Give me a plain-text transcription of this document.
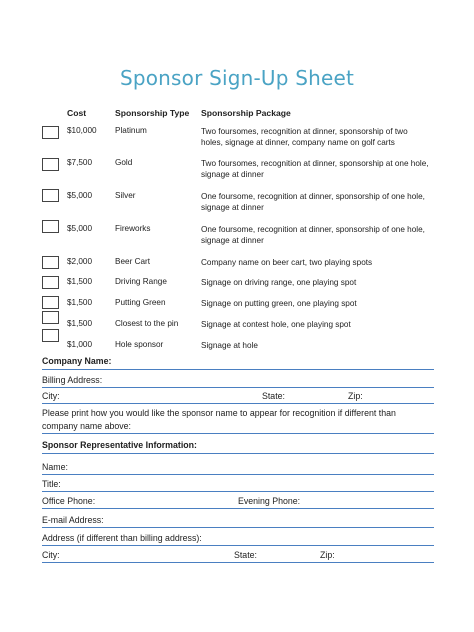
Sponsor Sign-Up Sheet
Cost	Sponsorship Type Sponsorship Package
$10,000 Platinum	Two foursomes, recognition at dinner, sponsorship of two holes, signage at dinner, company name on golf carts
$7,500	Gold	Two foursomes, recognition at dinner, sponsorship at one hole, signage at dinner
$5,000	Silver	One foursome, recognition at dinner, sponsorship of one hole, signage at dinner
$5,000	Fireworks	One foursome, recognition at dinner, sponsorship of one hole, signage at dinner
$2,000	Beer Cart	Company name on beer cart, two playing spots
$1,500	Driving Range	Signage on driving range, one playing spot
$1,500	Putting Green	Signage on putting green, one playing spot
$1,500	Closest to the pin	Signage at contest hole, one playing spot
$1,000	Hole sponsor	Signage at hole
Company Name:
Billing Address:
City:	State:	Zip:
Please print how you would like the sponsor name to appear for recognition if different than
company name above:
Sponsor Representative Information:
Name:
Title:
Office Phone:	Evening Phone:
E-mail Address:
Address (if different than billing address):
City:	State:	Zip:
